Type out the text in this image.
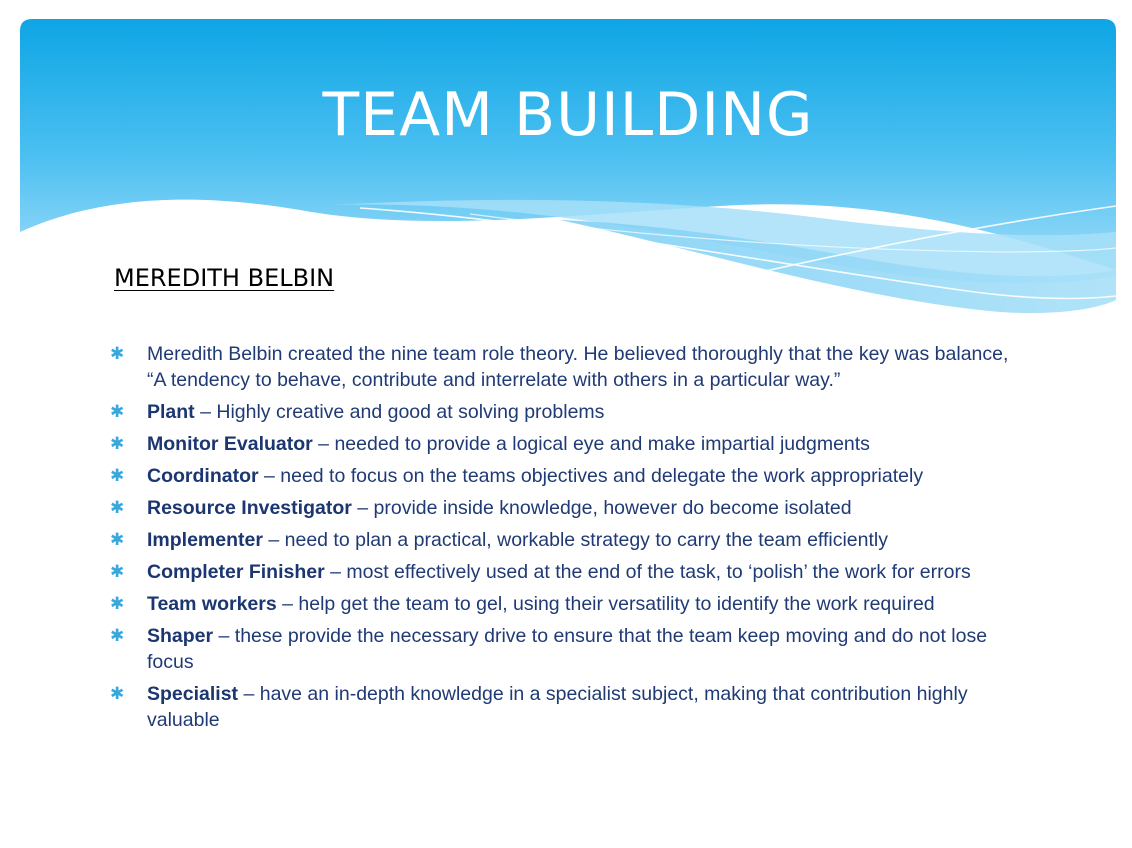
TEAM BUILDING
MEREDITH BELBIN
✱ Meredith Belbin created the nine team role theory. He believed thoroughly that the key was balance, “A tendency to behave, contribute and interrelate with others in a particular way.”
✱ Plant – Highly creative and good at solving problems
✱ Monitor Evaluator – needed to provide a logical eye and make impartial judgments
✱ Coordinator – need to focus on the teams objectives and delegate the work appropriately
✱ Resource Investigator – provide inside knowledge, however do become isolated
✱ Implementer – need to plan a practical, workable strategy to carry the team efficiently
✱ Completer Finisher – most effectively used at the end of the task, to ‘polish’ the work for errors
✱ Team workers – help get the team to gel, using their versatility to identify the work required
✱ Shaper – these provide the necessary drive to ensure that the team keep moving and do not lose focus
✱ Specialist – have an in-depth knowledge in a specialist subject, making that contribution highly valuable
